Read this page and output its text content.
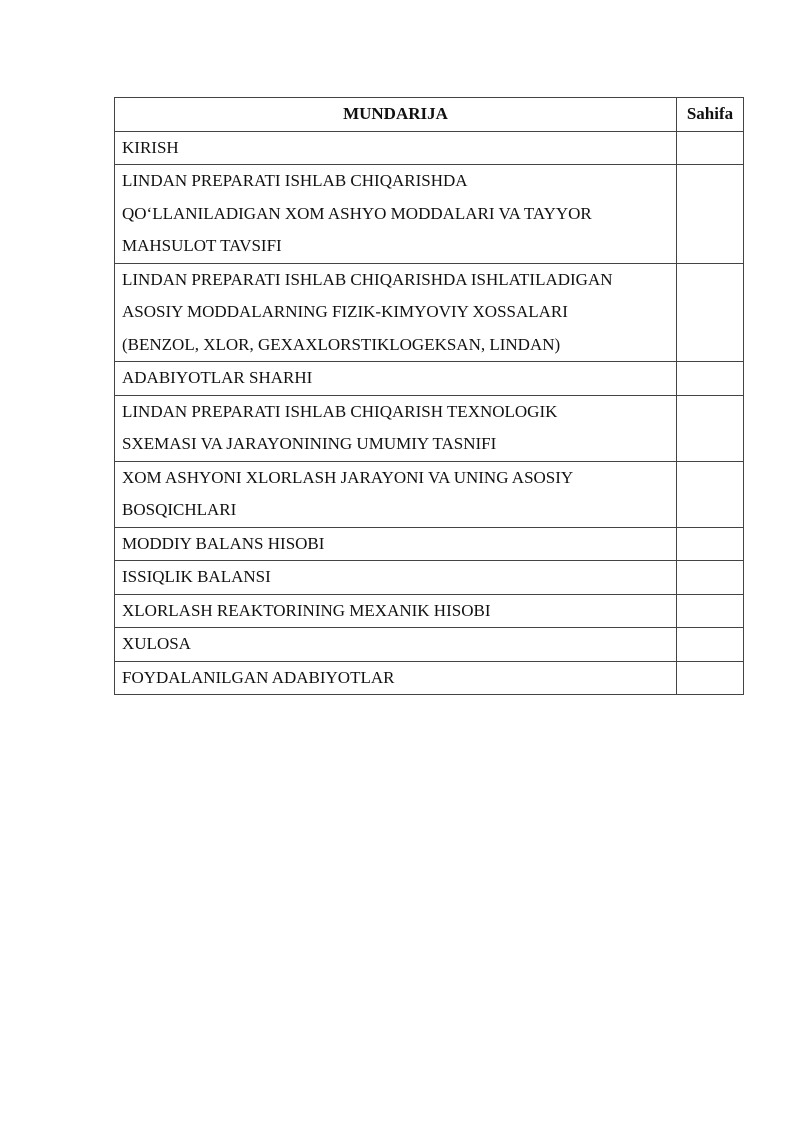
MUNDARIJA	Sahifa

KIRISH	

LINDAN PREPARATI ISHLAB CHIQARISHDA
QO‘LLANILADIGAN XOM ASHYO MODDALARI VA TAYYOR
MAHSULOT TAVSIFI	

LINDAN PREPARATI ISHLAB CHIQARISHDA ISHLATILADIGAN
ASOSIY MODDALARNING FIZIK-KIMYOVIY XOSSALARI
(BENZOL, XLOR, GEXAXLORSTIKLOGEKSAN, LINDAN)	

ADABIYOTLAR SHARHI	

LINDAN PREPARATI ISHLAB CHIQARISH TEXNOLOGIK
SXEMASI VA JARAYONINING UMUMIY TASNIFI	

XOM ASHYONI XLORLASH JARAYONI VA UNING ASOSIY
BOSQICHLARI	

MODDIY BALANS HISOBI	

ISSIQLIK BALANSI	

XLORLASH REAKTORINING MEXANIK HISOBI	

XULOSA	

FOYDALANILGAN ADABIYOTLAR	
